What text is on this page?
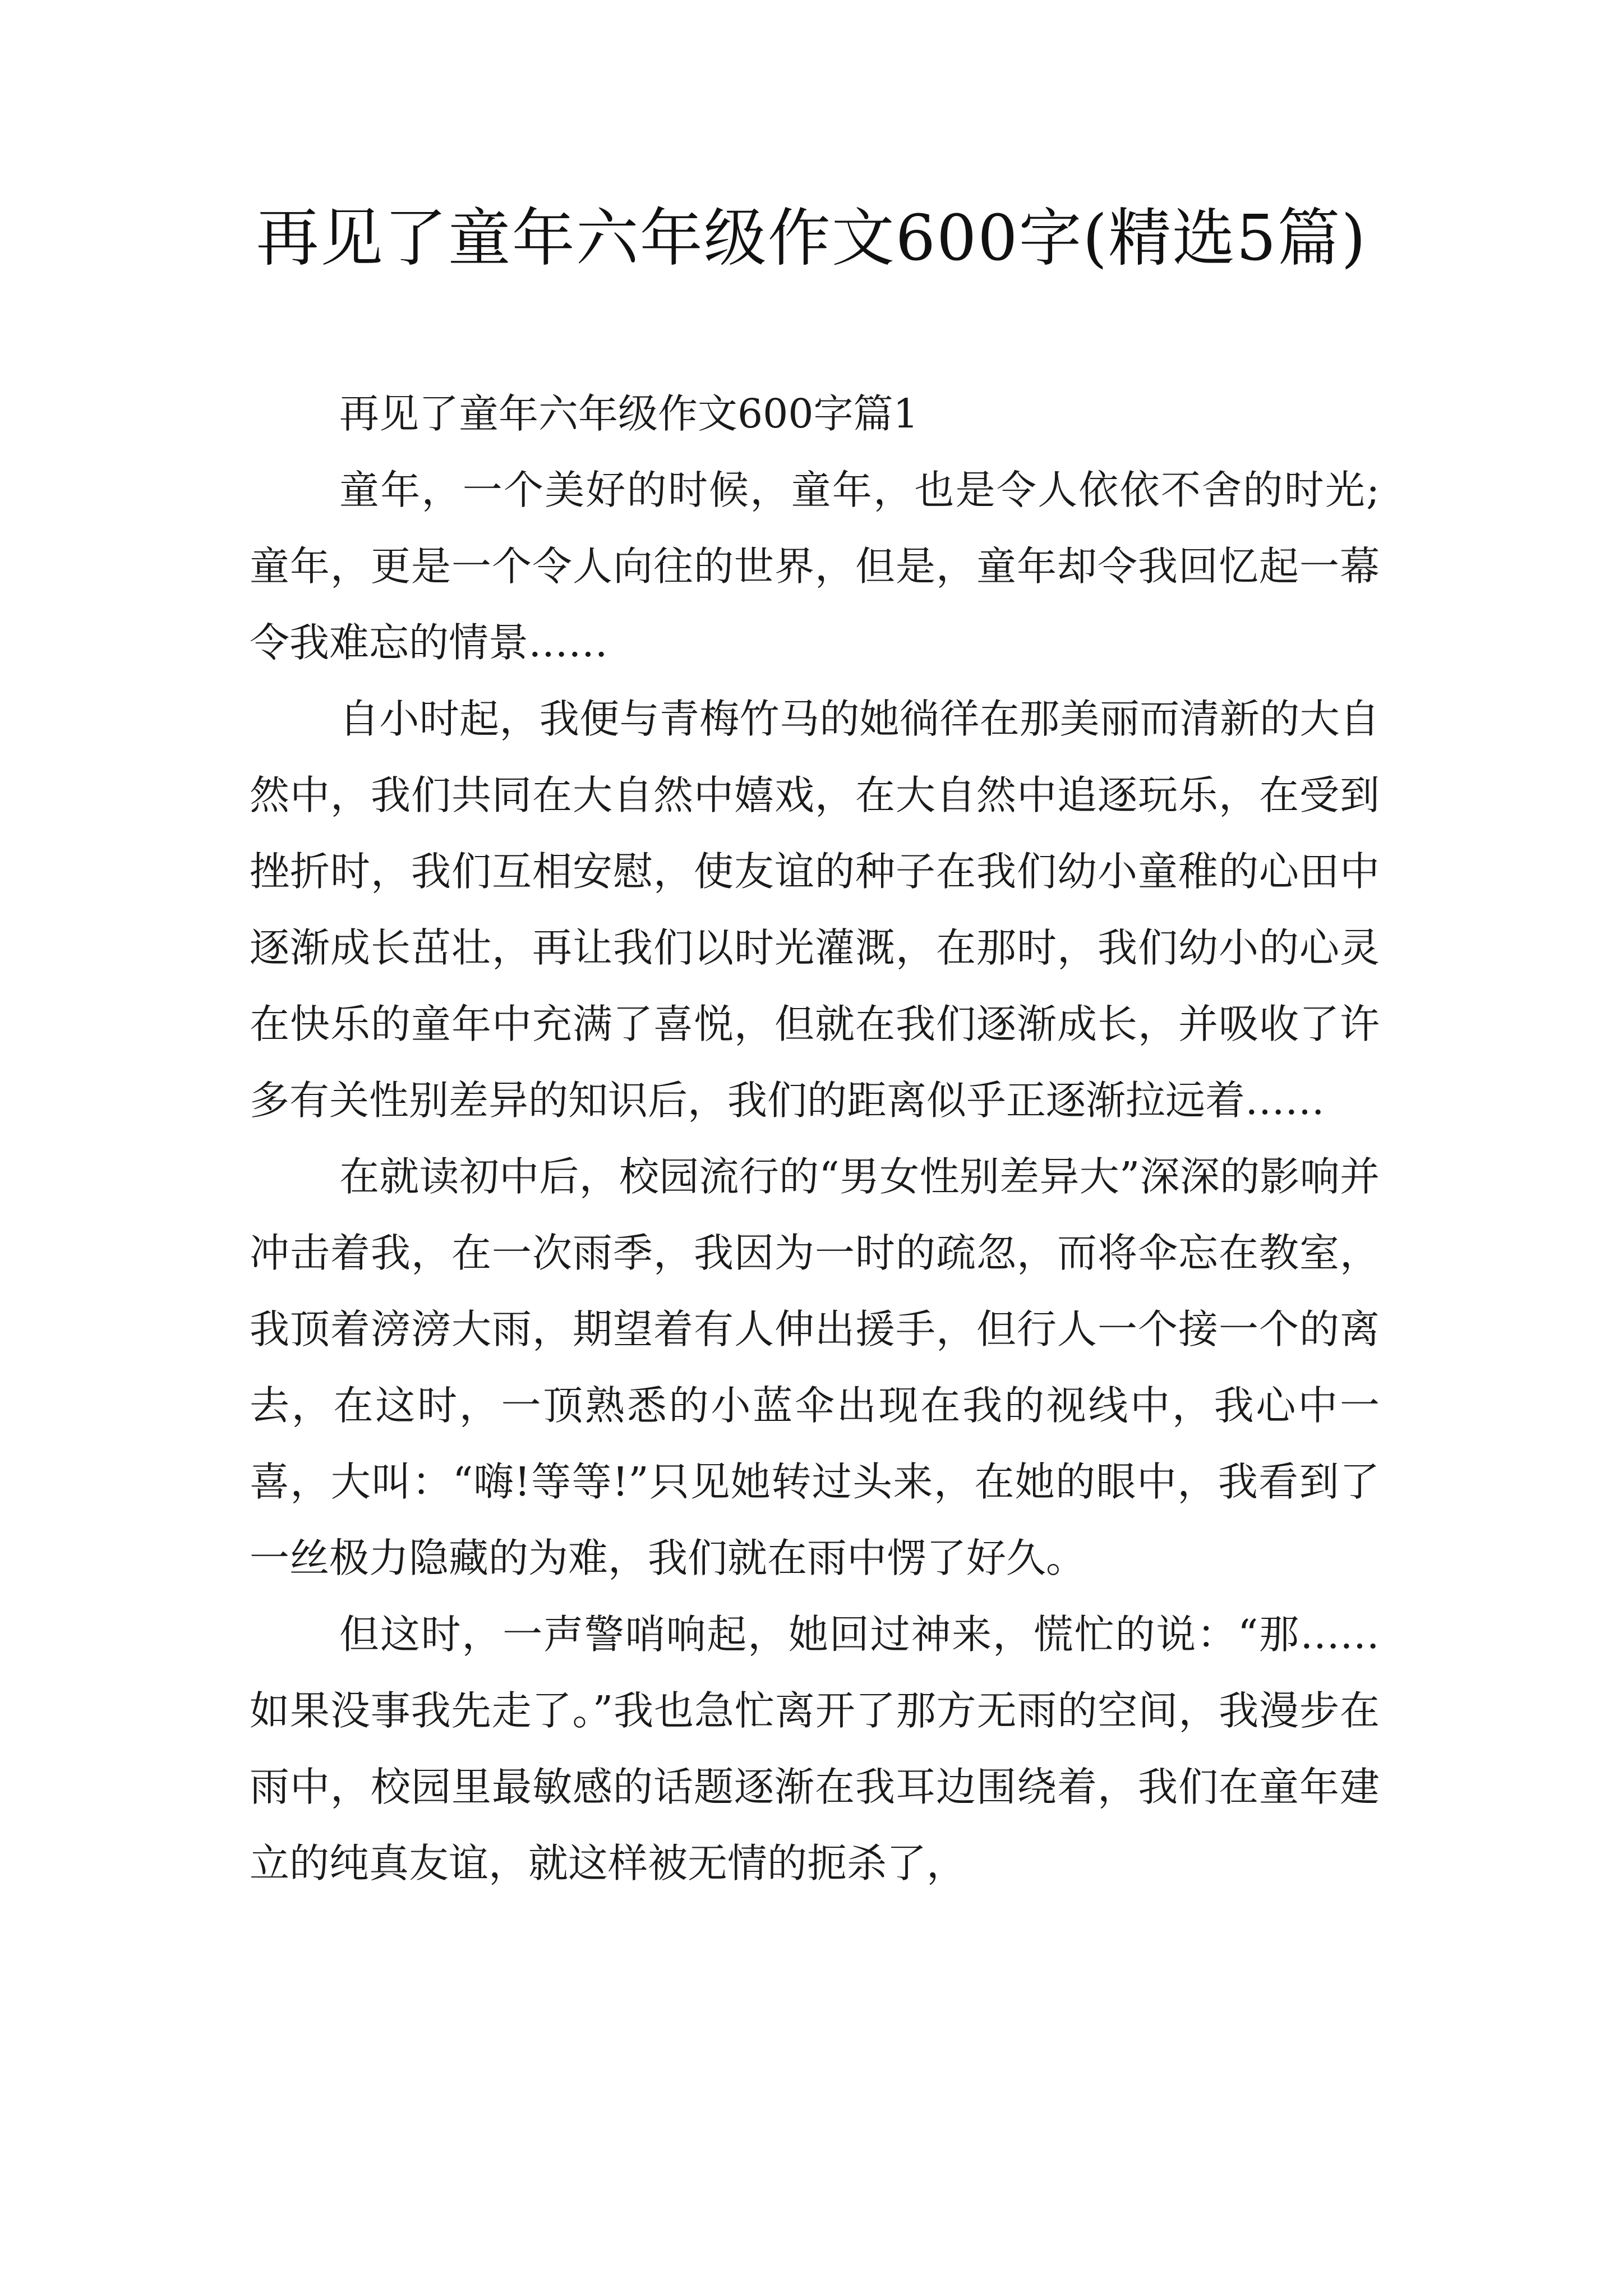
再见了童年六年级作文600字(精选5篇)

再见了童年六年级作文600字篇1

童年，一个美好的时候，童年，也是令人依依不舍的时光;童年，更是一个令人向往的世界，但是，童年却令我回忆起一幕令我难忘的情景……

自小时起，我便与青梅竹马的她徜徉在那美丽而清新的大自然中，我们共同在大自然中嬉戏，在大自然中追逐玩乐，在受到挫折时，我们互相安慰，使友谊的种子在我们幼小童稚的心田中逐渐成长茁壮，再让我们以时光灌溉，在那时，我们幼小的心灵在快乐的童年中充满了喜悦，但就在我们逐渐成长，并吸收了许多有关性别差异的知识后，我们的距离似乎正逐渐拉远着……

在就读初中后，校园流行的“男女性别差异大”深深的影响并冲击着我，在一次雨季，我因为一时的疏忽，而将伞忘在教室，我顶着滂滂大雨，期望着有人伸出援手，但行人一个接一个的离去，在这时，一顶熟悉的小蓝伞出现在我的视线中，我心中一喜，大叫：“嗨!等等!”只见她转过头来，在她的眼中，我看到了一丝极力隐藏的为难，我们就在雨中愣了好久。

但这时，一声警哨响起，她回过神来，慌忙的说：“那……如果没事我先走了。”我也急忙离开了那方无雨的空间，我漫步在雨中，校园里最敏感的话题逐渐在我耳边围绕着，我们在童年建立的纯真友谊，就这样被无情的扼杀了，
